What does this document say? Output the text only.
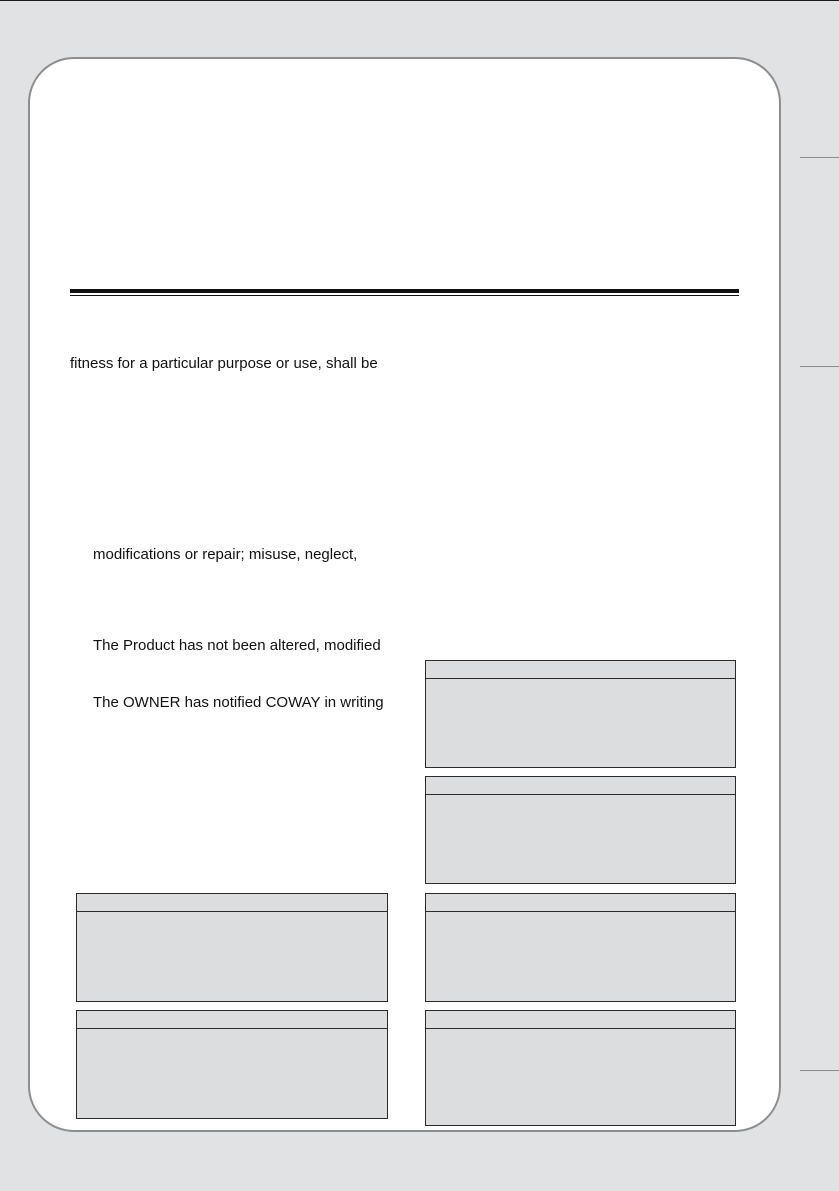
fitness for a particular purpose or use, shall be
modifications or repair; misuse, neglect,
The Product has not been altered, modified
The OWNER has notified COWAY in writing
